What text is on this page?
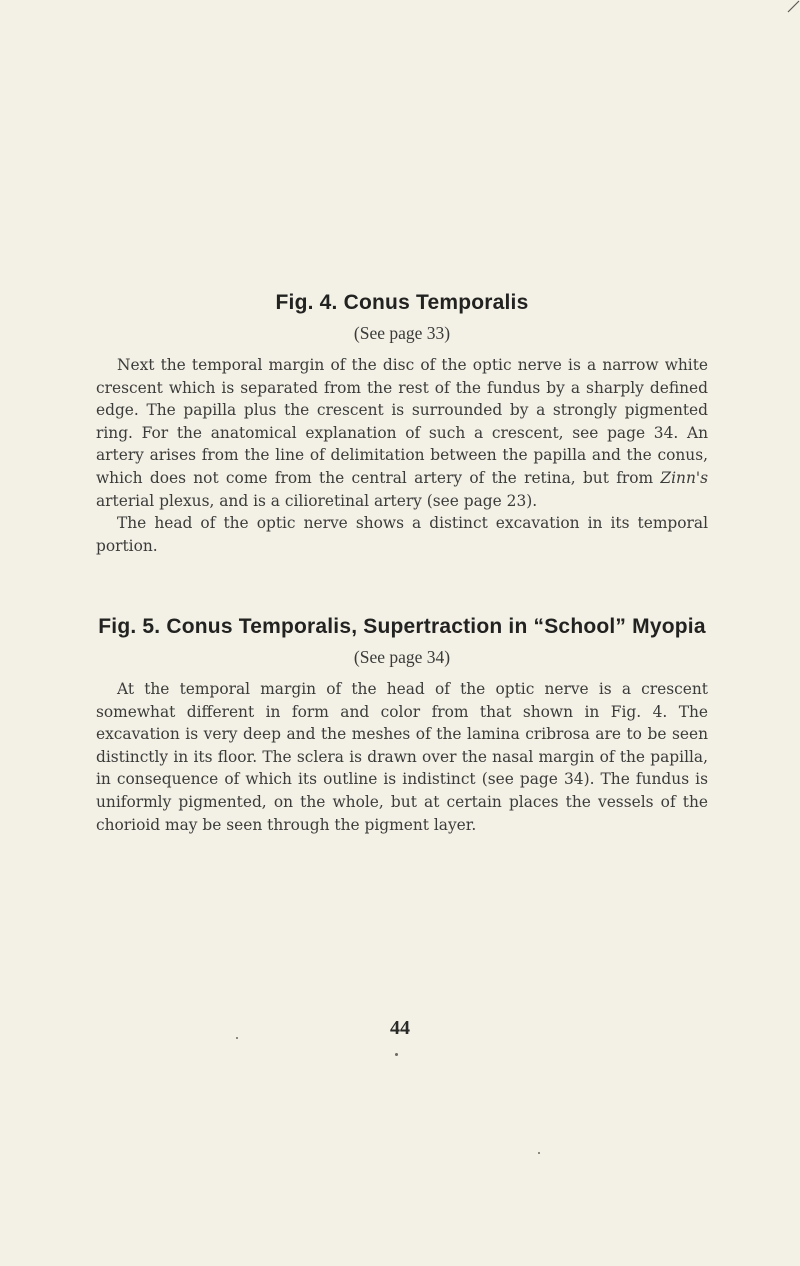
Fig. 4. Conus Temporalis

(See page 33)

Next the temporal margin of the disc of the optic nerve is a narrow white crescent which is separated from the rest of the fundus by a sharply defined edge. The papilla plus the crescent is surrounded by a strongly pigmented ring. For the anatomical explanation of such a crescent, see page 34. An artery arises from the line of delimitation between the papilla and the conus, which does not come from the central artery of the retina, but from Zinn's arterial plexus, and is a cilioretinal artery (see page 23).

The head of the optic nerve shows a distinct excavation in its temporal portion.

Fig. 5. Conus Temporalis, Supertraction in “School” Myopia

(See page 34)

At the temporal margin of the head of the optic nerve is a crescent somewhat different in form and color from that shown in Fig. 4. The excavation is very deep and the meshes of the lamina cribrosa are to be seen distinctly in its floor. The sclera is drawn over the nasal margin of the papilla, in consequence of which its outline is indistinct (see page 34). The fundus is uniformly pigmented, on the whole, but at certain places the vessels of the chorioid may be seen through the pigment layer.

44
